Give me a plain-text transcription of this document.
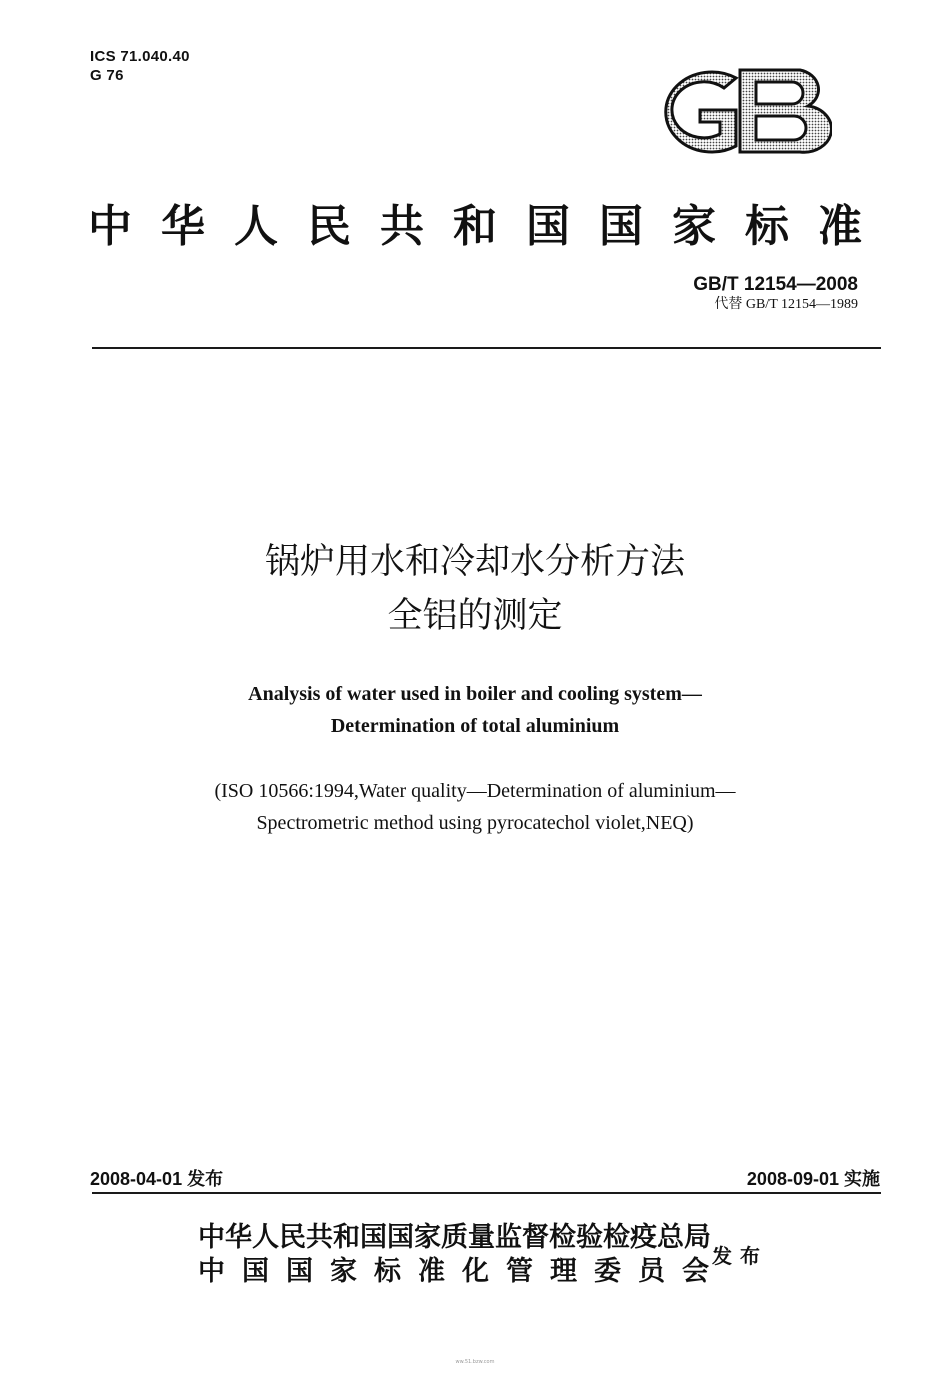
ICS 71.040.40
G 76
中华人民共和国国家标准
GB/T 12154—2008
代替 GB/T 12154—1989
锅炉用水和冷却水分析方法
全铝的测定
Analysis of water used in boiler and cooling system—
Determination of total aluminium
(ISO 10566:1994,Water quality—Determination of aluminium—
Spectrometric method using pyrocatechol violet,NEQ)
2008-04-01 发布	2008-09-01 实施
中华人民共和国国家质量监督检验检疫总局
中国国家标准化管理委员会
发布
ww.51.bzw.com
